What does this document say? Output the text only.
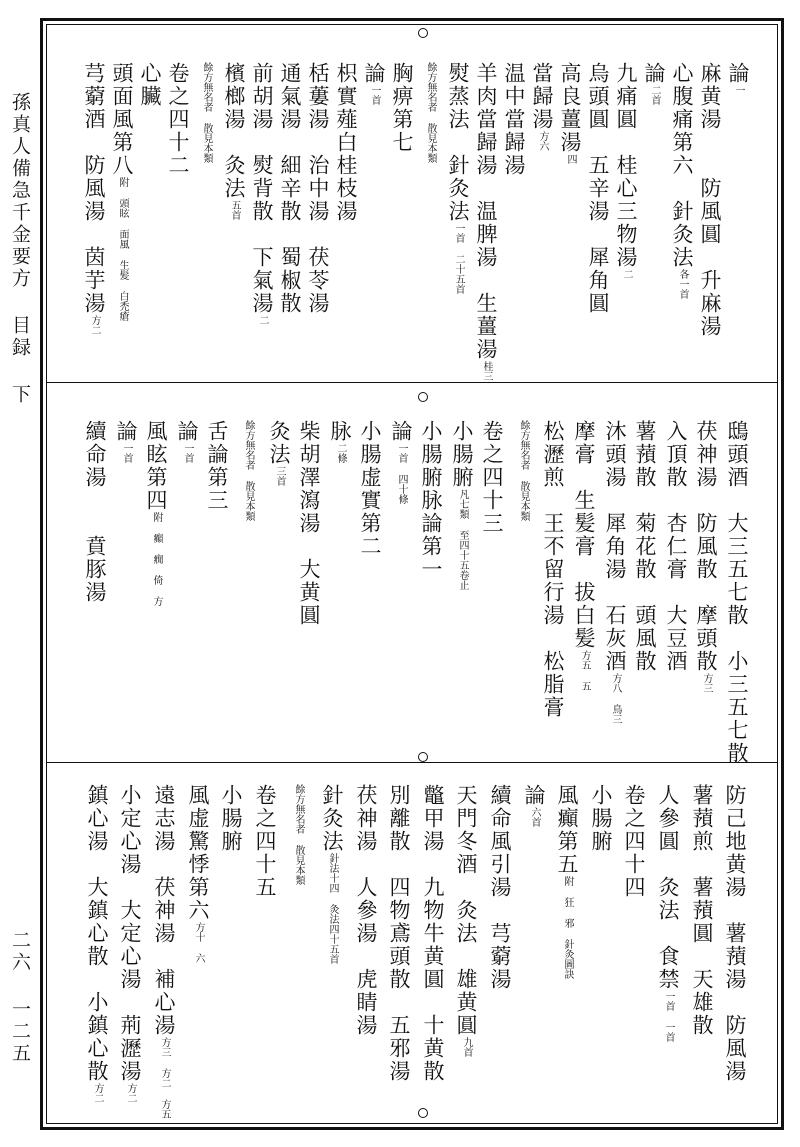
孫真人備急千金要方 目録 下

二六 一二五

論一

麻黄湯　　防風圓　升麻湯

心腹痛第六　針灸法各一首

論二首

九痛圓　桂心三物湯二

烏頭圓　五辛湯　犀角圓

高良薑湯四

當歸湯方六

温中當歸湯

羊肉當歸湯　温脾湯　生薑湯桂三

熨蒸法　針灸法一首 二十五首

餘方無名者 散見本類

胸痹第七

論一首

枳實薤白桂枝湯

栝蔞湯　治中湯　茯苓湯

通氣湯　細辛散　蜀椒散

前胡湯　熨背散　下氣湯二

檳榔湯　灸法五首

餘方無名者 散見本類

卷之四十二

心臟

頭面風第八附 頭眩 面風 生髪 白禿瘡

芎藭酒　防風湯　茵芋湯方二

鴟頭酒　大三五七散　小三五七散

茯神湯　防風散　摩頭散方三

入頂散　杏仁膏　大豆酒

薯蕷散　菊花散　頭風散

沐頭湯　犀角湯　石灰酒方八 鳥三

摩膏　生髪膏　拔白髪方五 五

松瀝煎　王不留行湯　松脂膏

餘方無名者 散見本類

卷之四十三

小腸腑凡七類 至四十五卷止

小腸腑脉論第一

論一首 四十條

小腸虚實第二

脉二條

柴胡澤瀉湯　大黄圓

灸法三首

餘方無名者 散見本類

舌論第三

論一首

風眩第四附 癲 癇 倚 方

論一首

續命湯　　賁豚湯

防己地黄湯　薯蕷湯　防風湯

薯蕷煎　薯蕷圓　天雄散

人參圓　灸法　食禁一首 一首

卷之四十四

小腸腑

風癲第五附 狂 邪 針灸圖訣

論六首

續命風引湯　芎藭湯

天門冬酒　灸法　雄黄圓九首

鼈甲湯　九物牛黄圓　十黄散

別離散　四物鳶頭散　五邪湯

茯神湯　人參湯　虎睛湯

針灸法針法十四 灸法四十五首

餘方無名者 散見本類

卷之四十五

小腸腑

風虚驚悸第六方十 六

遠志湯　茯神湯　補心湯方三 方二 方五

小定心湯　大定心湯　荊瀝湯方二

鎮心湯　大鎮心散　小鎮心散方二
